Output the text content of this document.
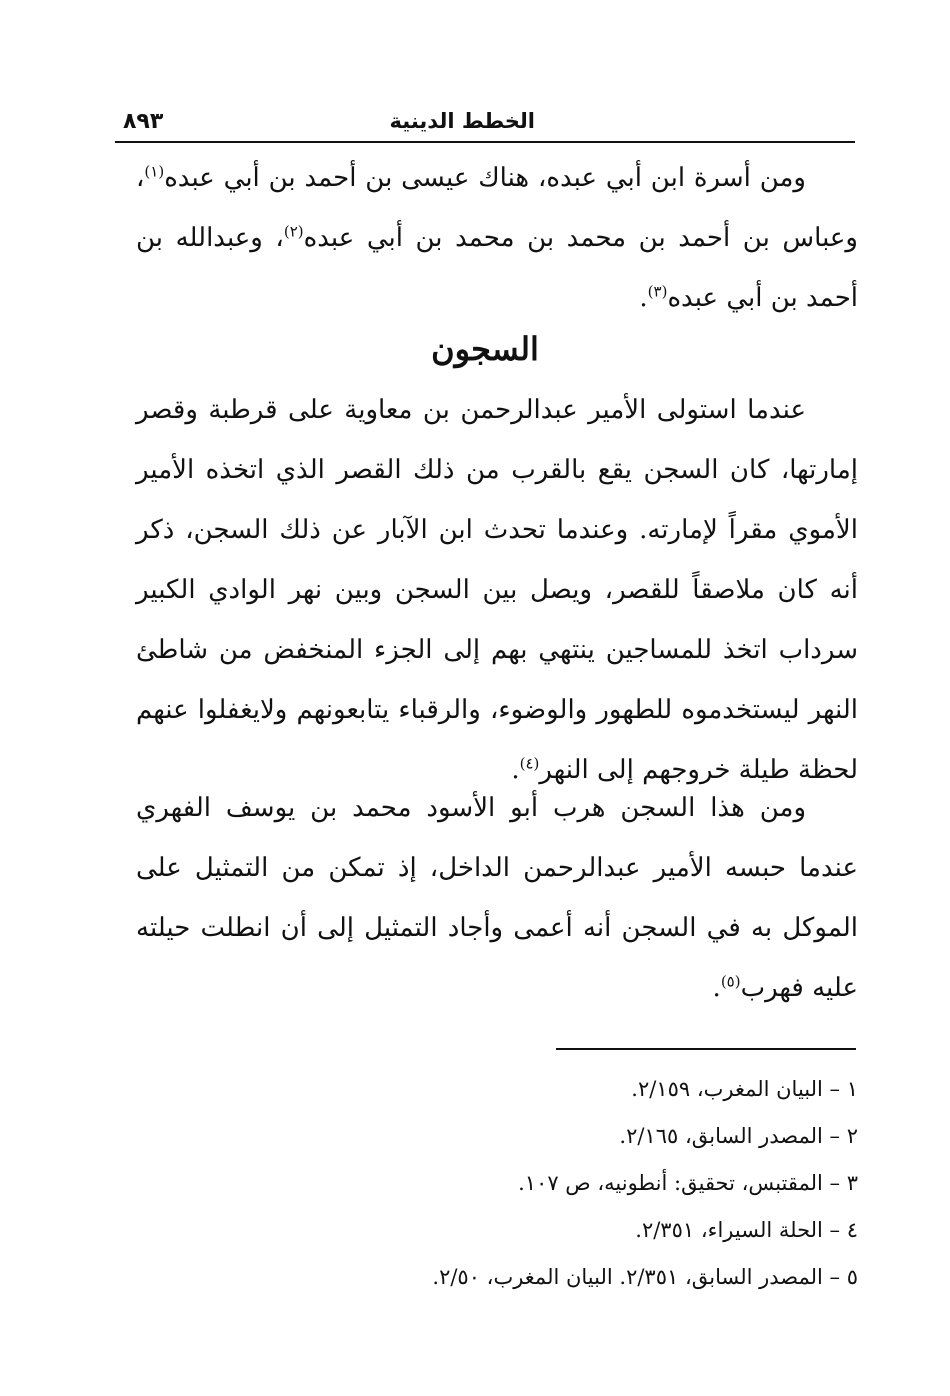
الخطط الدينية
٨٩٣

ومن أسرة ابن أبي عبده، هناك عيسى بن أحمد بن أبي عبده$^{(١)}$، وعباس بن أحمد بن محمد بن محمد بن أبي عبده$^{(٢)}$، وعبدالله بن أحمد بن أبي عبده$^{(٣)}$.

السجون

عندما استولى الأمير عبدالرحمن بن معاوية على قرطبة وقصر إمارتها، كان السجن يقع بالقرب من ذلك القصر الذي اتخذه الأمير الأموي مقراً لإمارته. وعندما تحدث ابن الآبار عن ذلك السجن، ذكر أنه كان ملاصقاً للقصر، ويصل بين السجن وبين نهر الوادي الكبير سرداب اتخذ للمساجين ينتهي بهم إلى الجزء المنخفض من شاطئ النهر ليستخدموه للطهور والوضوء، والرقباء يتابعونهم ولايغفلوا عنهم لحظة طيلة خروجهم إلى النهر$^{(٤)}$.

ومن هذا السجن هرب أبو الأسود محمد بن يوسف الفهري عندما حبسه الأمير عبدالرحمن الداخل، إذ تمكن من التمثيل على الموكل به في السجن أنه أعمى وأجاد التمثيل إلى أن انطلت حيلته عليه فهرب$^{(٥)}$.

١ – البيان المغرب، ٢/١٥٩.
٢ – المصدر السابق، ٢/١٦٥.
٣ – المقتبس، تحقيق: أنطونيه، ص ١٠٧.
٤ – الحلة السيراء، ٢/٣٥١.
٥ – المصدر السابق، ٢/٣٥١. البيان المغرب، ٢/٥٠.
